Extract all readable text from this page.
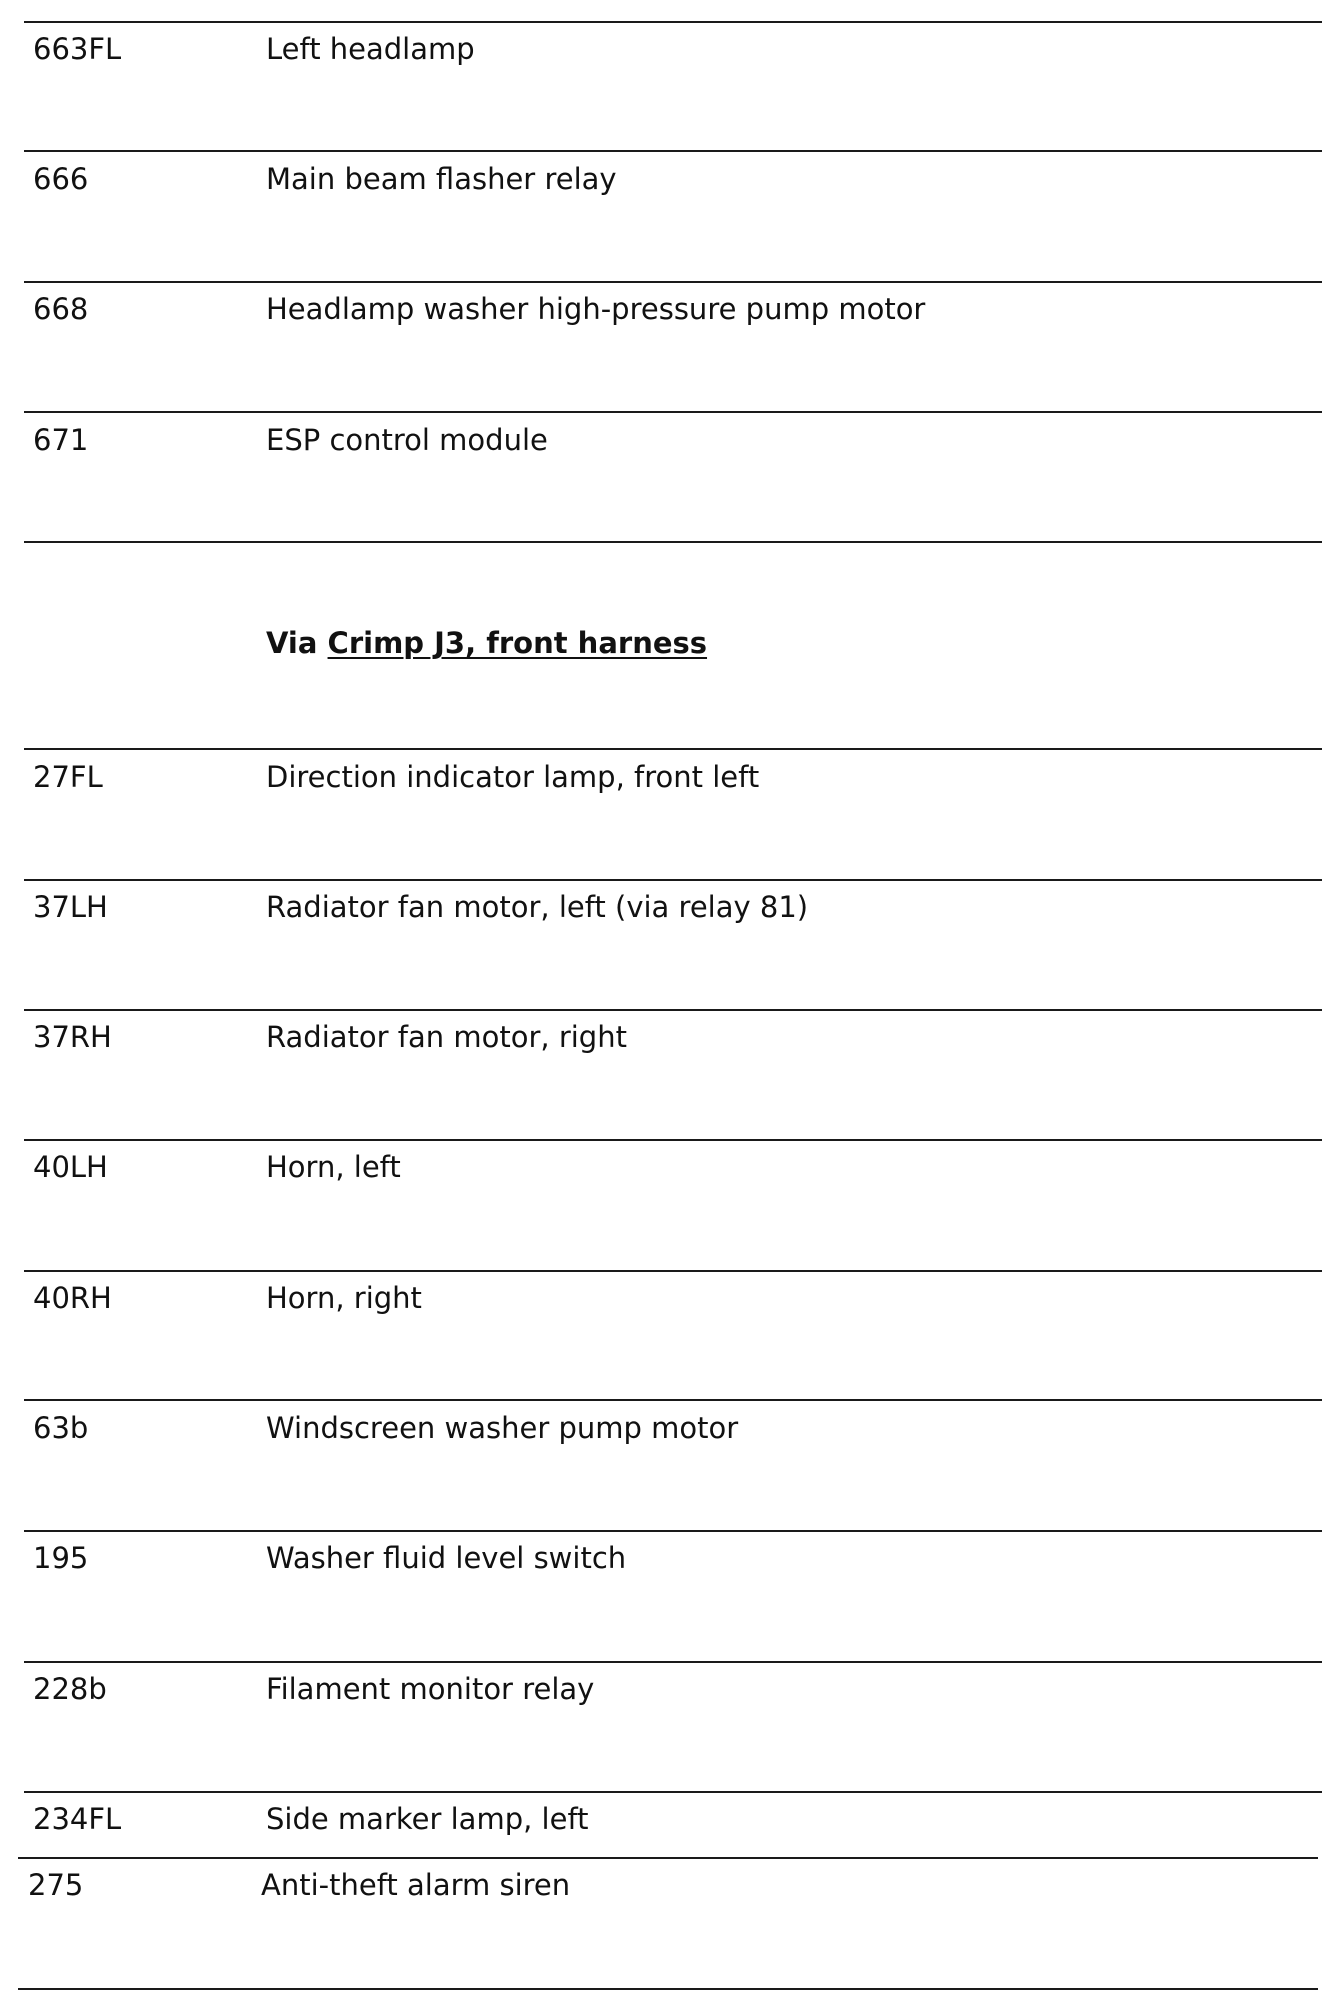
663FL	Left headlamp
666	Main beam flasher relay
668	Headlamp washer high-pressure pump motor
671	ESP control module
Via Crimp J3, front harness
27FL	Direction indicator lamp, front left
37LH	Radiator fan motor, left (via relay 81)
37RH	Radiator fan motor, right
40LH	Horn, left
40RH	Horn, right
63b	Windscreen washer pump motor
195	Washer fluid level switch
228b	Filament monitor relay
234FL	Side marker lamp, left
275	Anti-theft alarm siren
